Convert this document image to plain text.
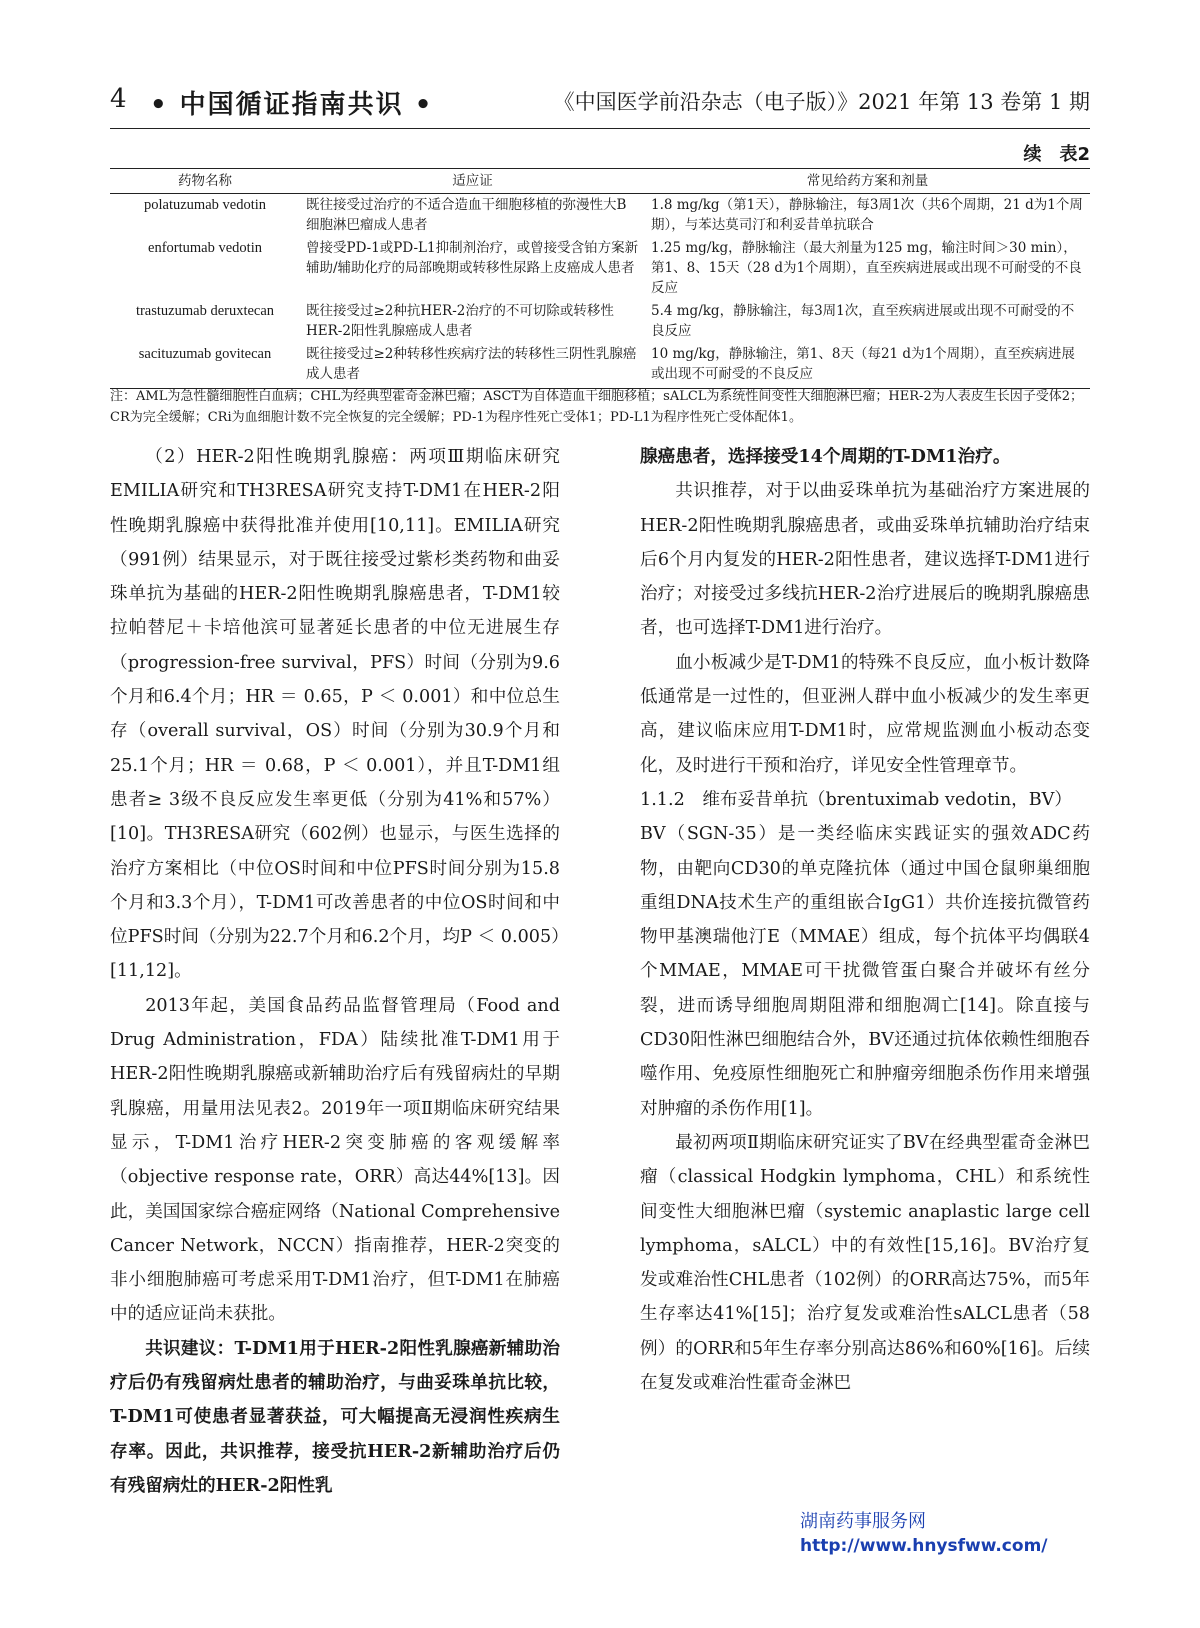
4 • 中国循证指南共识 •	《中国医学前沿杂志（电子版）》2021 年第 13 卷第 1 期
续　表2
药物名称	适应证	常见给药方案和剂量
polatuzumab vedotin	既往接受过治疗的不适合造血干细胞移植的弥漫性大B细胞淋巴瘤成人患者	1.8 mg/kg（第1天），静脉输注，每3周1次（共6个周期，21 d为1个周期），与苯达莫司汀和利妥昔单抗联合
enfortumab vedotin	曾接受PD-1或PD-L1抑制剂治疗，或曾接受含铂方案新辅助/辅助化疗的局部晚期或转移性尿路上皮癌成人患者	1.25 mg/kg，静脉输注（最大剂量为125 mg，输注时间＞30 min），第1、8、15天（28 d为1个周期），直至疾病进展或出现不可耐受的不良反应
trastuzumab deruxtecan	既往接受过≥2种抗HER-2治疗的不可切除或转移性HER-2阳性乳腺癌成人患者	5.4 mg/kg，静脉输注，每3周1次，直至疾病进展或出现不可耐受的不良反应
sacituzumab govitecan	既往接受过≥2种转移性疾病疗法的转移性三阴性乳腺癌成人患者	10 mg/kg，静脉输注，第1、8天（每21 d为1个周期），直至疾病进展或出现不可耐受的不良反应
注：AML为急性髓细胞性白血病；CHL为经典型霍奇金淋巴瘤；ASCT为自体造血干细胞移植；sALCL为系统性间变性大细胞淋巴瘤；HER-2为人表皮生长因子受体2；CR为完全缓解；CRi为血细胞计数不完全恢复的完全缓解；PD-1为程序性死亡受体1；PD-L1为程序性死亡受体配体1。

（2）HER-2阳性晚期乳腺癌：两项Ⅲ期临床研究EMILIA研究和TH3RESA研究支持T-DM1在HER-2阳性晚期乳腺癌中获得批准并使用[10,11]。EMILIA研究（991例）结果显示，对于既往接受过紫杉类药物和曲妥珠单抗为基础的HER-2阳性晚期乳腺癌患者，T-DM1较拉帕替尼＋卡培他滨可显著延长患者的中位无进展生存（progression-free survival，PFS）时间（分别为9.6个月和6.4个月；HR ＝ 0.65，P ＜ 0.001）和中位总生存（overall survival，OS）时间（分别为30.9个月和25.1个月；HR ＝ 0.68，P ＜ 0.001），并且T-DM1组患者≥ 3级不良反应发生率更低（分别为41%和57%）[10]。TH3RESA研究（602例）也显示，与医生选择的治疗方案相比（中位OS时间和中位PFS时间分别为15.8个月和3.3个月），T-DM1可改善患者的中位OS时间和中位PFS时间（分别为22.7个月和6.2个月，均P ＜ 0.005）[11,12]。

2013年起，美国食品药品监督管理局（Food and Drug Administration，FDA）陆续批准T-DM1用于HER-2阳性晚期乳腺癌或新辅助治疗后有残留病灶的早期乳腺癌，用量用法见表2。2019年一项Ⅱ期临床研究结果显示，T-DM1治疗HER-2突变肺癌的客观缓解率（objective response rate，ORR）高达44%[13]。因此，美国国家综合癌症网络（National Comprehensive Cancer Network，NCCN）指南推荐，HER-2突变的非小细胞肺癌可考虑采用T-DM1治疗，但T-DM1在肺癌中的适应证尚未获批。

共识建议：T-DM1用于HER-2阳性乳腺癌新辅助治疗后仍有残留病灶患者的辅助治疗，与曲妥珠单抗比较，T-DM1可使患者显著获益，可大幅提高无浸润性疾病生存率。因此，共识推荐，接受抗HER-2新辅助治疗后仍有残留病灶的HER-2阳性乳

腺癌患者，选择接受14个周期的T-DM1治疗。

共识推荐，对于以曲妥珠单抗为基础治疗方案进展的HER-2阳性晚期乳腺癌患者，或曲妥珠单抗辅助治疗结束后6个月内复发的HER-2阳性患者，建议选择T-DM1进行治疗；对接受过多线抗HER-2治疗进展后的晚期乳腺癌患者，也可选择T-DM1进行治疗。

血小板减少是T-DM1的特殊不良反应，血小板计数降低通常是一过性的，但亚洲人群中血小板减少的发生率更高，建议临床应用T-DM1时，应常规监测血小板动态变化，及时进行干预和治疗，详见安全性管理章节。

1.1.2　维布妥昔单抗（brentuximab vedotin，BV）

BV（SGN-35）是一类经临床实践证实的强效ADC药物，由靶向CD30的单克隆抗体（通过中国仓鼠卵巢细胞重组DNA技术生产的重组嵌合IgG1）共价连接抗微管药物甲基澳瑞他汀E（MMAE）组成，每个抗体平均偶联4个MMAE，MMAE可干扰微管蛋白聚合并破坏有丝分裂，进而诱导细胞周期阻滞和细胞凋亡[14]。除直接与CD30阳性淋巴细胞结合外，BV还通过抗体依赖性细胞吞噬作用、免疫原性细胞死亡和肿瘤旁细胞杀伤作用来增强对肿瘤的杀伤作用[1]。

最初两项Ⅱ期临床研究证实了BV在经典型霍奇金淋巴瘤（classical Hodgkin lymphoma，CHL）和系统性间变性大细胞淋巴瘤（systemic anaplastic large cell lymphoma，sALCL）中的有效性[15,16]。BV治疗复发或难治性CHL患者（102例）的ORR高达75%，而5年生存率达41%[15]；治疗复发或难治性sALCL患者（58例）的ORR和5年生存率分别高达86%和60%[16]。后续在复发或难治性霍奇金淋巴

湖南药事服务网
http://www.hnysfww.com/
